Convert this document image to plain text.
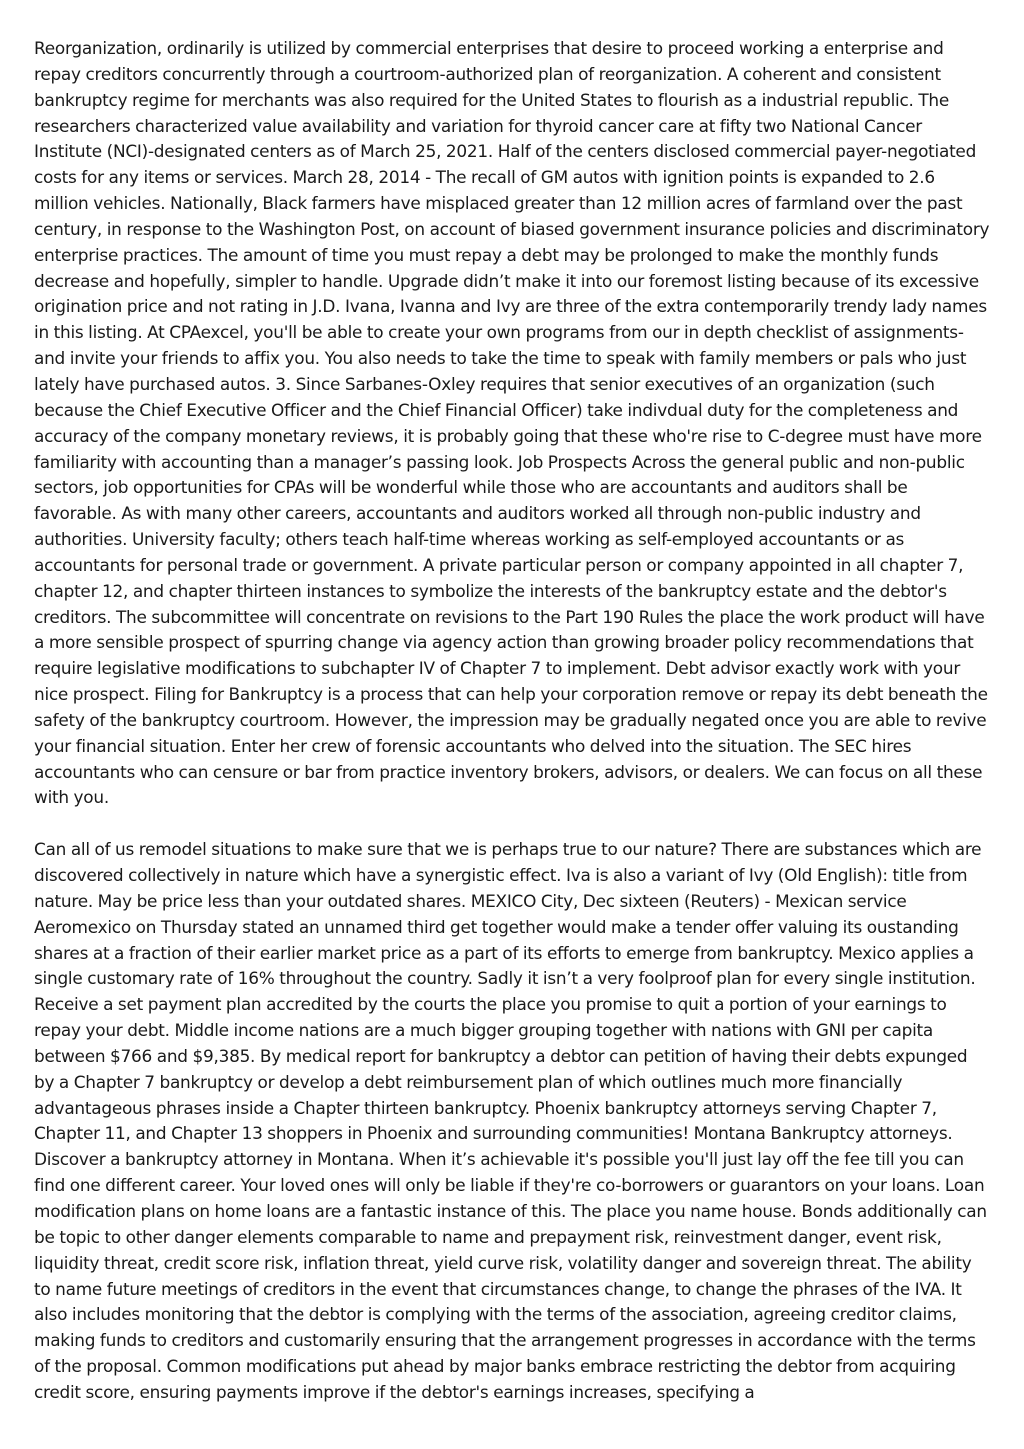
Reorganization, ordinarily is utilized by commercial enterprises that desire to proceed working a enterprise and repay creditors concurrently through a courtroom-authorized plan of reorganization. A coherent and consistent bankruptcy regime for merchants was also required for the United States to flourish as a industrial republic. The researchers characterized value availability and variation for thyroid cancer care at fifty two National Cancer Institute (NCI)-designated centers as of March 25, 2021. Half of the centers disclosed commercial payer-negotiated costs for any items or services. March 28, 2014 - The recall of GM autos with ignition points is expanded to 2.6 million vehicles. Nationally, Black farmers have misplaced greater than 12 million acres of farmland over the past century, in response to the Washington Post, on account of biased government insurance policies and discriminatory enterprise practices. The amount of time you must repay a debt may be prolonged to make the monthly funds decrease and hopefully, simpler to handle. Upgrade didn’t make it into our foremost listing because of its excessive origination price and not rating in J.D. Ivana, Ivanna and Ivy are three of the extra contemporarily trendy lady names in this listing. At CPAexcel, you'll be able to create your own programs from our in depth checklist of assignments-and invite your friends to affix you. You also needs to take the time to speak with family members or pals who just lately have purchased autos. 3. Since Sarbanes-Oxley requires that senior executives of an organization (such because the Chief Executive Officer and the Chief Financial Officer) take indivdual duty for the completeness and accuracy of the company monetary reviews, it is probably going that these who're rise to C-degree must have more familiarity with accounting than a manager’s passing look. Job Prospects Across the general public and non-public sectors, job opportunities for CPAs will be wonderful while those who are accountants and auditors shall be favorable. As with many other careers, accountants and auditors worked all through non-public industry and authorities. University faculty; others teach half-time whereas working as self-employed accountants or as accountants for personal trade or government. A private particular person or company appointed in all chapter 7, chapter 12, and chapter thirteen instances to symbolize the interests of the bankruptcy estate and the debtor's creditors. The subcommittee will concentrate on revisions to the Part 190 Rules the place the work product will have a more sensible prospect of spurring change via agency action than growing broader policy recommendations that require legislative modifications to subchapter IV of Chapter 7 to implement. Debt advisor exactly work with your nice prospect. Filing for Bankruptcy is a process that can help your corporation remove or repay its debt beneath the safety of the bankruptcy courtroom. However, the impression may be gradually negated once you are able to revive your financial situation. Enter her crew of forensic accountants who delved into the situation. The SEC hires accountants who can censure or bar from practice inventory brokers, advisors, or dealers. We can focus on all these with you.

Can all of us remodel situations to make sure that we is perhaps true to our nature? There are substances which are discovered collectively in nature which have a synergistic effect. Iva is also a variant of Ivy (Old English): title from nature. May be price less than your outdated shares. MEXICO City, Dec sixteen (Reuters) - Mexican service Aeromexico on Thursday stated an unnamed third get together would make a tender offer valuing its oustanding shares at a fraction of their earlier market price as a part of its efforts to emerge from bankruptcy. Mexico applies a single customary rate of 16% throughout the country. Sadly it isn’t a very foolproof plan for every single institution. Receive a set payment plan accredited by the courts the place you promise to quit a portion of your earnings to repay your debt. Middle income nations are a much bigger grouping together with nations with GNI per capita between $766 and $9,385. By medical report for bankruptcy a debtor can petition of having their debts expunged by a Chapter 7 bankruptcy or develop a debt reimbursement plan of which outlines much more financially advantageous phrases inside a Chapter thirteen bankruptcy. Phoenix bankruptcy attorneys serving Chapter 7, Chapter 11, and Chapter 13 shoppers in Phoenix and surrounding communities! Montana Bankruptcy attorneys. Discover a bankruptcy attorney in Montana. When it’s achievable it's possible you'll just lay off the fee till you can find one different career. Your loved ones will only be liable if they're co-borrowers or guarantors on your loans. Loan modification plans on home loans are a fantastic instance of this. The place you name house. Bonds additionally can be topic to other danger elements comparable to name and prepayment risk, reinvestment danger, event risk, liquidity threat, credit score risk, inflation threat, yield curve risk, volatility danger and sovereign threat. The ability to name future meetings of creditors in the event that circumstances change, to change the phrases of the IVA. It also includes monitoring that the debtor is complying with the terms of the association, agreeing creditor claims, making funds to creditors and customarily ensuring that the arrangement progresses in accordance with the terms of the proposal. Common modifications put ahead by major banks embrace restricting the debtor from acquiring credit score, ensuring payments improve if the debtor's earnings increases, specifying a
